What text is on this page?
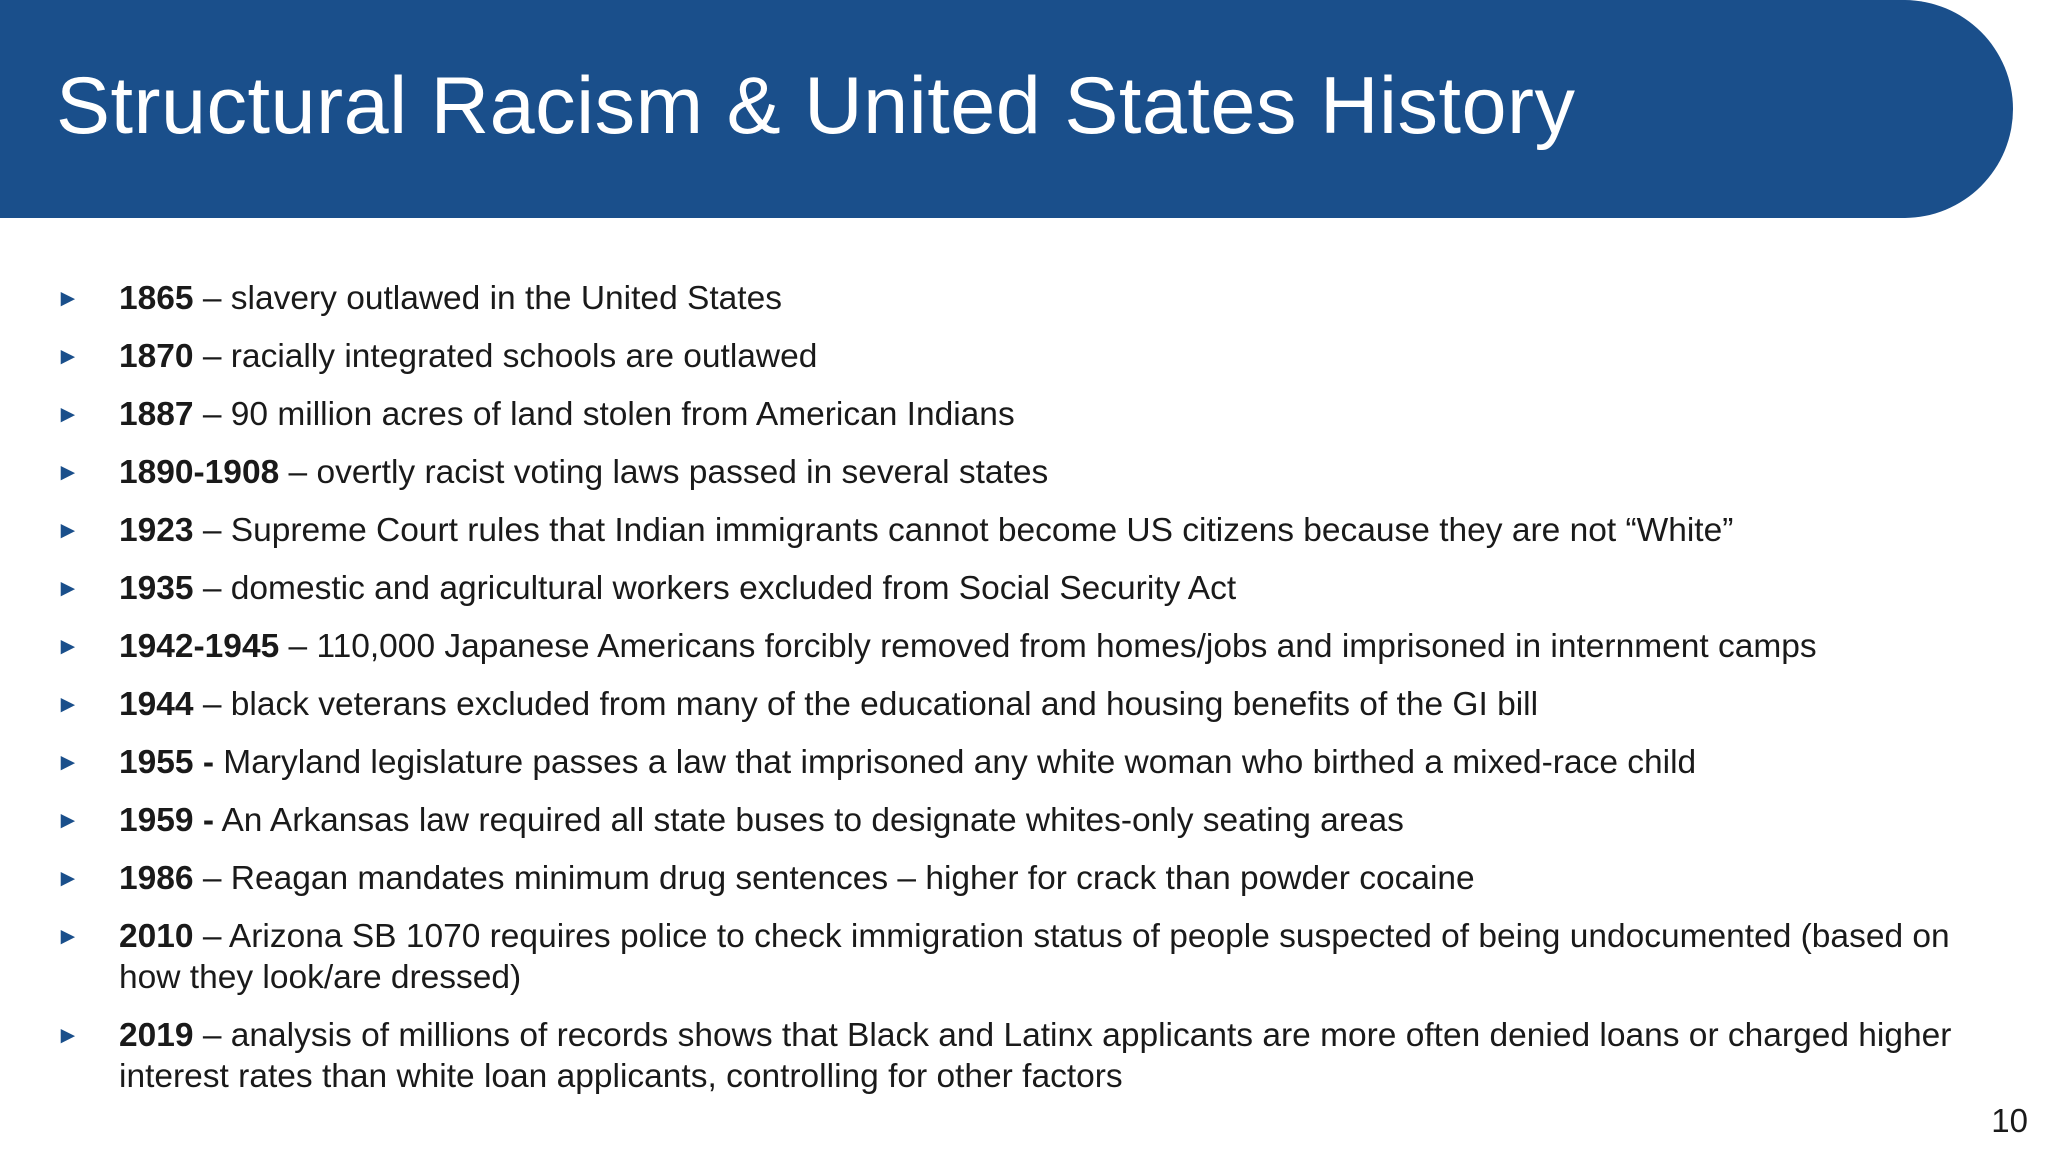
Structural Racism & United States History
► 1865 – slavery outlawed in the United States
► 1870 – racially integrated schools are outlawed
► 1887 – 90 million acres of land stolen from American Indians
► 1890-1908 – overtly racist voting laws passed in several states
► 1923 – Supreme Court rules that Indian immigrants cannot become US citizens because they are not “White”
► 1935 – domestic and agricultural workers excluded from Social Security Act
► 1942-1945 – 110,000 Japanese Americans forcibly removed from homes/jobs and imprisoned in internment camps
► 1944 – black veterans excluded from many of the educational and housing benefits of the GI bill
► 1955 - Maryland legislature passes a law that imprisoned any white woman who birthed a mixed-race child
► 1959 - An Arkansas law required all state buses to designate whites-only seating areas
► 1986 – Reagan mandates minimum drug sentences – higher for crack than powder cocaine
► 2010 – Arizona SB 1070 requires police to check immigration status of people suspected of being undocumented (based on how they look/are dressed)
► 2019 – analysis of millions of records shows that Black and Latinx applicants are more often denied loans or charged higher interest rates than white loan applicants, controlling for other factors
10
